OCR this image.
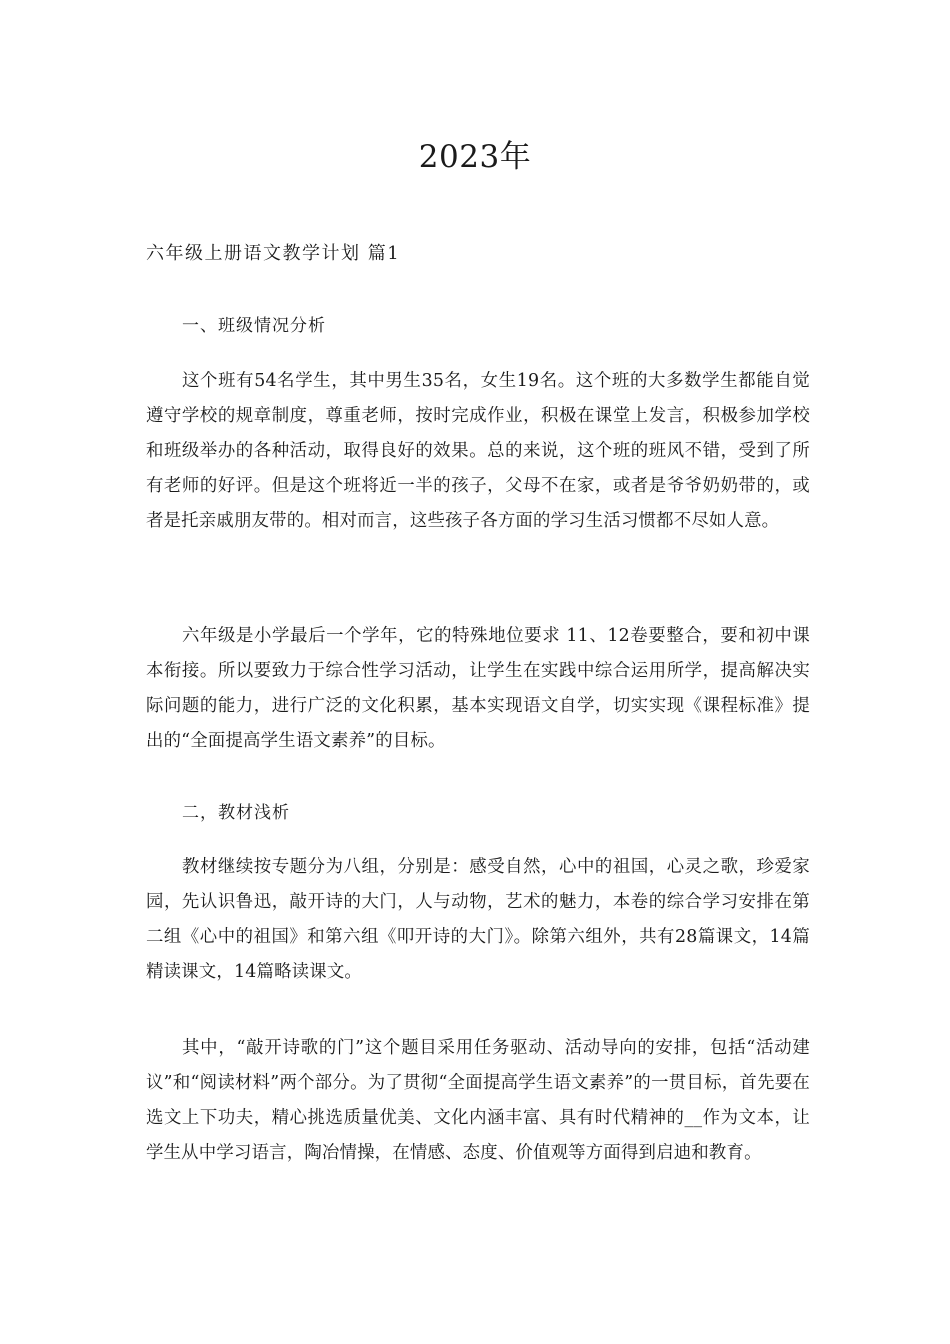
2023年
六年级上册语文教学计划 篇1
一、班级情况分析
这个班有54名学生，其中男生35名，女生19名。这个班的大多数学生都能自觉遵守学校的规章制度，尊重老师，按时完成作业，积极在课堂上发言，积极参加学校和班级举办的各种活动，取得良好的效果。总的来说，这个班的班风不错，受到了所有老师的好评。但是这个班将近一半的孩子，父母不在家，或者是爷爷奶奶带的，或者是托亲戚朋友带的。相对而言，这些孩子各方面的学习生活习惯都不尽如人意。
六年级是小学最后一个学年，它的特殊地位要求 11、12卷要整合，要和初中课本衔接。所以要致力于综合性学习活动，让学生在实践中综合运用所学，提高解决实际问题的能力，进行广泛的文化积累，基本实现语文自学，切实实现《课程标准》提出的“全面提高学生语文素养”的目标。
二，教材浅析
教材继续按专题分为八组，分别是：感受自然，心中的祖国，心灵之歌，珍爱家园，先认识鲁迅，敲开诗的大门，人与动物，艺术的魅力，本卷的综合学习安排在第二组《心中的祖国》和第六组《叩开诗的大门》。除第六组外，共有28篇课文，14篇精读课文，14篇略读课文。
其中，“敲开诗歌的门”这个题目采用任务驱动、活动导向的安排，包括“活动建议”和“阅读材料”两个部分。为了贯彻“全面提高学生语文素养”的一贯目标，首先要在选文上下功夫，精心挑选质量优美、文化内涵丰富、具有时代精神的__作为文本，让学生从中学习语言，陶冶情操，在情感、态度、价值观等方面得到启迪和教育。
